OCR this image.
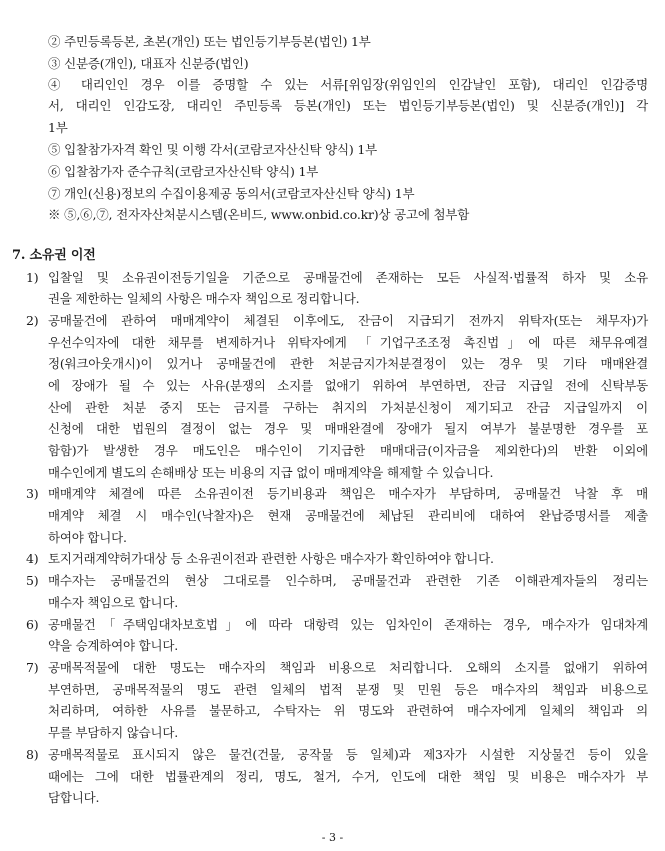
② 주민등록등본, 초본(개인) 또는 법인등기부등본(법인) 1부
③ 신분증(개인), 대표자 신분증(법인)
④ 대리인인 경우 이를 증명할 수 있는 서류[위임장(위임인의 인감날인 포함), 대리인 인감증명
서, 대리인 인감도장, 대리인 주민등록 등본(개인) 또는 법인등기부등본(법인) 및 신분증(개인)] 각
1부
⑤ 입찰참가자격 확인 및 이행 각서(코람코자산신탁 양식) 1부
⑥ 입찰참가자 준수규칙(코람코자산신탁 양식) 1부
⑦ 개인(신용)정보의 수집이용제공 동의서(코람코자산신탁 양식) 1부
※ ⑤,⑥,⑦, 전자자산처분시스템(온비드, www.onbid.co.kr)상 공고에 첨부함
7. 소유권 이전
1) 입찰일 및 소유권이전등기일을 기준으로 공매물건에 존재하는 모든 사실적·법률적 하자 및 소유
권을 제한하는 일체의 사항은 매수자 책임으로 정리합니다.
2) 공매물건에 관하여 매매계약이 체결된 이후에도, 잔금이 지급되기 전까지 위탁자(또는 채무자)가
우선수익자에 대한 채무를 변제하거나 위탁자에게 「기업구조조정 촉진법」에 따른 채무유예결
정(워크아웃개시)이 있거나 공매물건에 관한 처분금지가처분결정이 있는 경우 및 기타 매매완결
에 장애가 될 수 있는 사유(분쟁의 소지를 없애기 위하여 부연하면, 잔금 지급일 전에 신탁부동
산에 관한 처분 중지 또는 금지를 구하는 취지의 가처분신청이 제기되고 잔금 지급일까지 이
신청에 대한 법원의 결정이 없는 경우 및 매매완결에 장애가 될지 여부가 불분명한 경우를 포
함함)가 발생한 경우 매도인은 매수인이 기지급한 매매대금(이자금을 제외한다)의 반환 이외에
매수인에게 별도의 손해배상 또는 비용의 지급 없이 매매계약을 해제할 수 있습니다.
3) 매매계약 체결에 따른 소유권이전 등기비용과 책임은 매수자가 부담하며, 공매물건 낙찰 후 매
매계약 체결 시 매수인(낙찰자)은 현재 공매물건에 체납된 관리비에 대하여 완납증명서를 제출
하여야 합니다.
4) 토지거래계약허가대상 등 소유권이전과 관련한 사항은 매수자가 확인하여야 합니다.
5) 매수자는 공매물건의 현상 그대로를 인수하며, 공매물건과 관련한 기존 이해관계자들의 정리는
매수자 책임으로 합니다.
6) 공매물건「주택임대차보호법」에 따라 대항력 있는 임차인이 존재하는 경우, 매수자가 임대차계
약을 승계하여야 합니다.
7) 공매목적물에 대한 명도는 매수자의 책임과 비용으로 처리합니다. 오해의 소지를 없애기 위하여
부연하면, 공매목적물의 명도 관련 일체의 법적 분쟁 및 민원 등은 매수자의 책임과 비용으로
처리하며, 여하한 사유를 불문하고, 수탁자는 위 명도와 관련하여 매수자에게 일체의 책임과 의
무를 부담하지 않습니다.
8) 공매목적물로 표시되지 않은 물건(건물, 공작물 등 일체)과 제3자가 시설한 지상물건 등이 있을
때에는 그에 대한 법률관계의 정리, 명도, 철거, 수거, 인도에 대한 책임 및 비용은 매수자가 부
담합니다.
- 3 -
